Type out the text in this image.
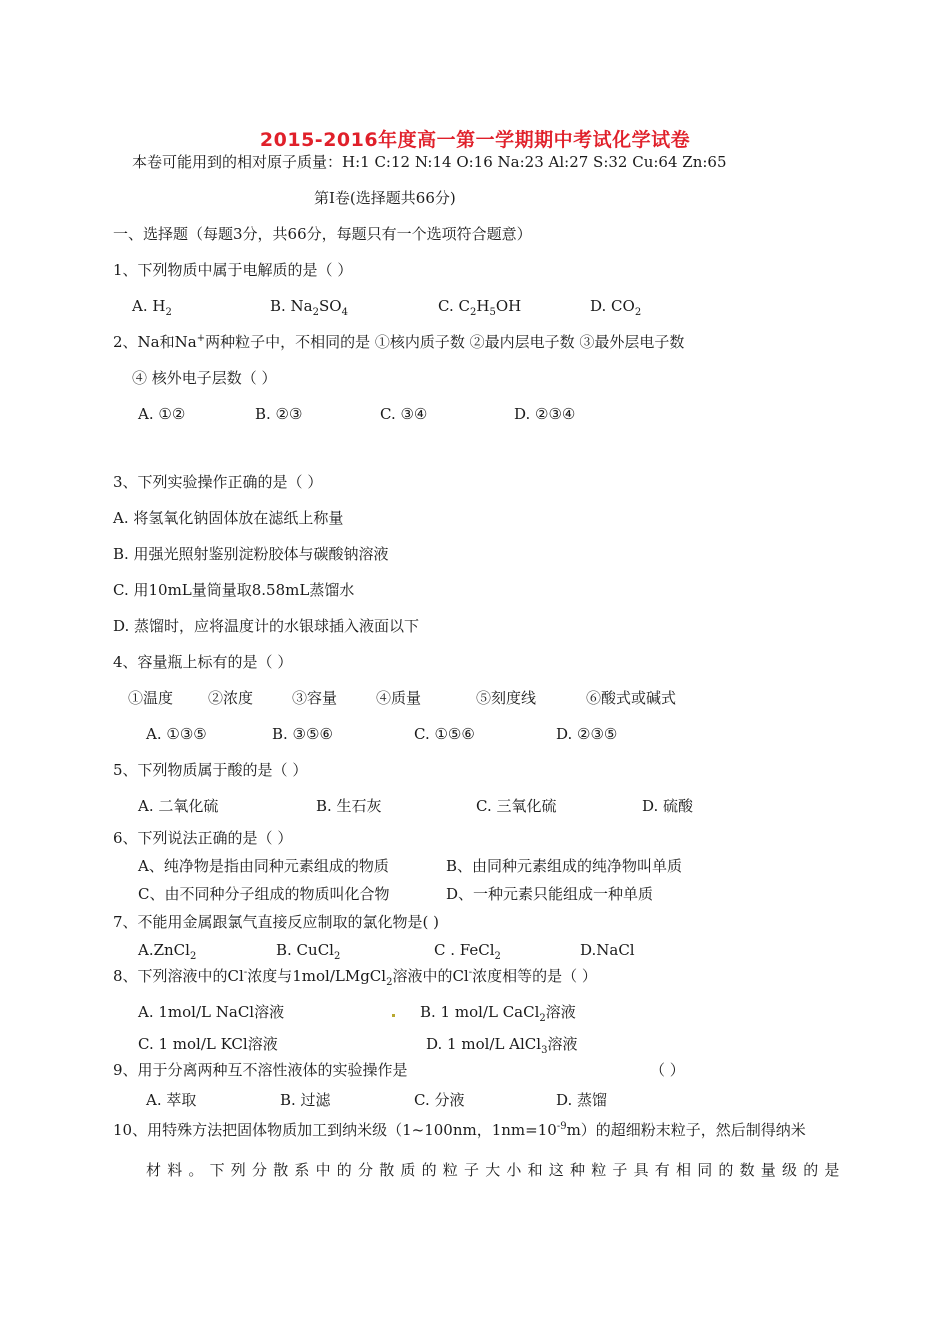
2015-2016年度高一第一学期期中考试化学试卷
本卷可能用到的相对原子质量：H:1 C:12 N:14 O:16 Na:23 Al:27 S:32 Cu:64 Zn:65
第Ⅰ卷(选择题共66分)
一、选择题（每题3分，共66分，每题只有一个选项符合题意）
1、下列物质中属于电解质的是（ ）
A. $H_2$	B. $Na_2SO_4$	C. $C_2H_5OH$	D. $CO_2$
2、Na和Na+两种粒子中，不相同的是 ①核内质子数 ②最内层电子数 ③最外层电子数
④ 核外电子层数（ ）
A. ①②	B. ②③	C. ③④	D. ②③④
3、下列实验操作正确的是（ ）
A. 将氢氧化钠固体放在滤纸上称量
B. 用强光照射鉴别淀粉胶体与碳酸钠溶液
C. 用10mL量筒量取8.58mL蒸馏水
D. 蒸馏时，应将温度计的水银球插入液面以下
4、容量瓶上标有的是（ ）
①温度 ②浓度	③容量	④质量	⑤刻度线	⑥酸式或碱式
A. ①③⑤	B. ③⑤⑥	C. ①⑤⑥	D. ②③⑤
5、下列物质属于酸的是（ ）
A. 二氧化硫	B. 生石灰	C. 三氧化硫	D. 硫酸
6、下列说法正确的是（ ）
A、纯净物是指由同种元素组成的物质	B、由同种元素组成的纯净物叫单质
C、由不同种分子组成的物质叫化合物	D、一种元素只能组成一种单质
7、不能用金属跟氯气直接反应制取的氯化物是( )
A.ZnCl$_2$	B. CuCl$_2$	C . FeCl$_2$	D.NaCl
8、下列溶液中的Cl-浓度与1mol/LMgCl$_2$溶液中的Cl-浓度相等的是（ ）
A. 1mol/L NaCl溶液	B. 1 mol/L CaCl$_2$溶液
C. 1 mol/L KCl溶液	D. 1 mol/L AlCl$_3$溶液
9、用于分离两种互不溶性液体的实验操作是	（ ）
A. 萃取	B. 过滤	C. 分液	D. 蒸馏
10、用特殊方法把固体物质加工到纳米级（1~100nm，$1nm=10^{-9}m$）的超细粉末粒子，然后制得纳米
材料。下列分散系中的分散质的粒子大小和这种粒子具有相同的数量级的是
